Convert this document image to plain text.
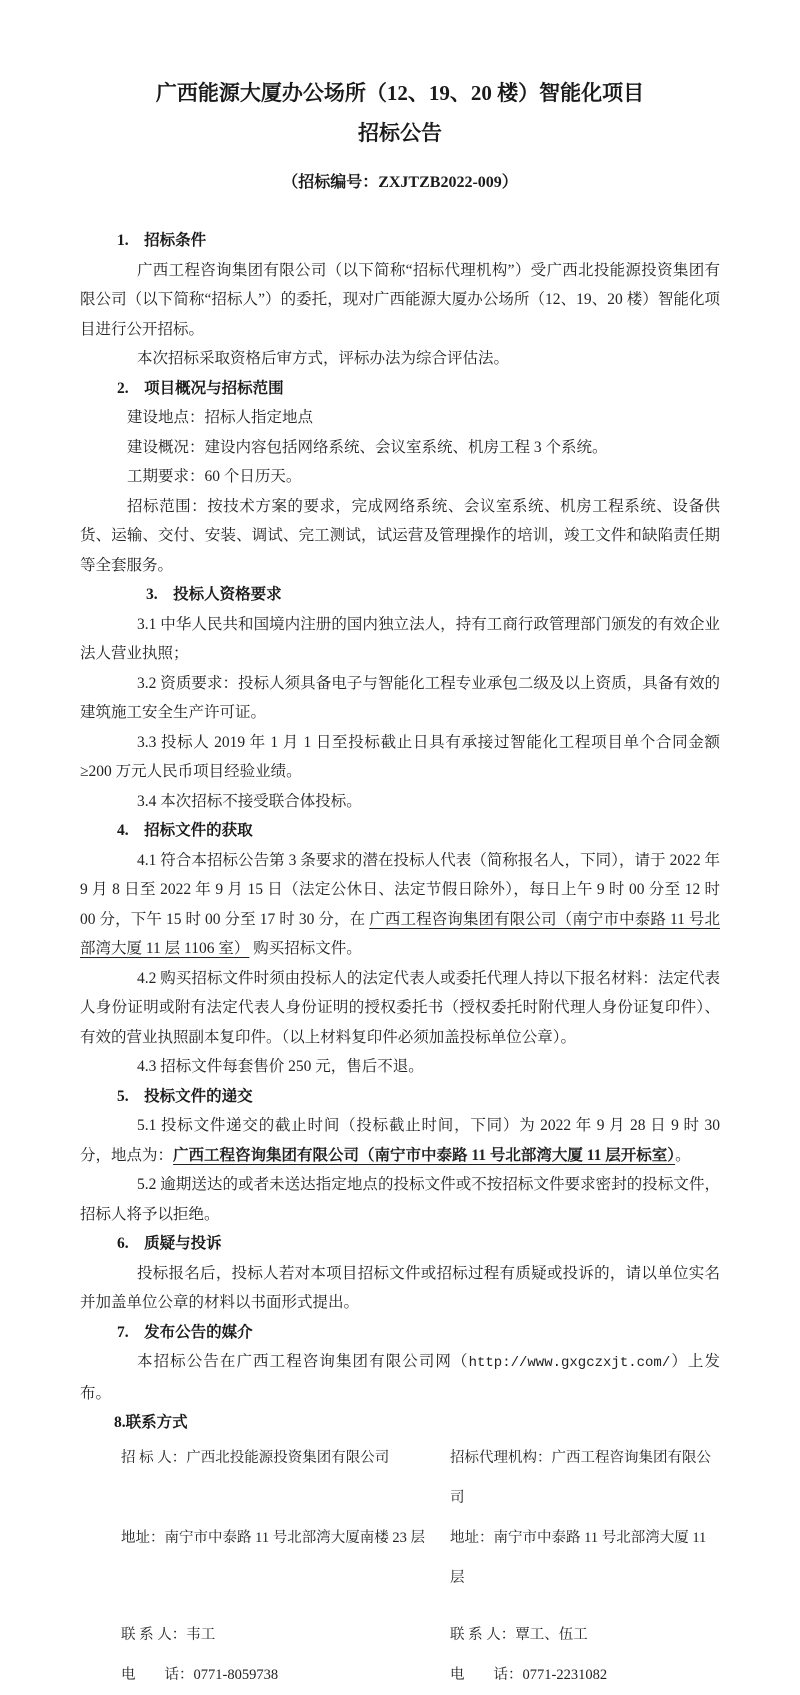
广西能源大厦办公场所（12、19、20 楼）智能化项目
招标公告
（招标编号：ZXJTZB2022-009）
1.　招标条件

广西工程咨询集团有限公司（以下简称“招标代理机构”）受广西北投能源投资集团有限公司（以下简称“招标人”）的委托，现对广西能源大厦办公场所（12、19、20 楼）智能化项目进行公开招标。

本次招标采取资格后审方式，评标办法为综合评估法。

2.　项目概况与招标范围

建设地点：招标人指定地点

建设概况：建设内容包括网络系统、会议室系统、机房工程 3 个系统。

工期要求：60 个日历天。

招标范围：按技术方案的要求，完成网络系统、会议室系统、机房工程系统、设备供货、运输、交付、安装、调试、完工测试，试运营及管理操作的培训，竣工文件和缺陷责任期等全套服务。

3.　投标人资格要求

3.1 中华人民共和国境内注册的国内独立法人，持有工商行政管理部门颁发的有效企业法人营业执照；

3.2 资质要求：投标人须具备电子与智能化工程专业承包二级及以上资质，具备有效的建筑施工安全生产许可证。

3.3 投标人 2019 年 1 月 1 日至投标截止日具有承接过智能化工程项目单个合同金额≥200 万元人民币项目经验业绩。

3.4 本次招标不接受联合体投标。

4.　招标文件的获取

4.1 符合本招标公告第 3 条要求的潜在投标人代表（简称报名人，下同），请于 2022 年 9 月 8 日至 2022 年 9 月 15 日（法定公休日、法定节假日除外），每日上午 9 时 00 分至 12 时 00 分，下午 15 时 00 分至 17 时 30 分，在 广西工程咨询集团有限公司（南宁市中泰路 11 号北部湾大厦 11 层 1106 室） 购买招标文件。

4.2 购买招标文件时须由投标人的法定代表人或委托代理人持以下报名材料：法定代表人身份证明或附有法定代表人身份证明的授权委托书（授权委托时附代理人身份证复印件）、有效的营业执照副本复印件。（以上材料复印件必须加盖投标单位公章）。

4.3 招标文件每套售价 250 元，售后不退。

5.　投标文件的递交

5.1 投标文件递交的截止时间（投标截止时间，下同）为 2022 年 9 月 28 日 9 时 30 分，地点为：广西工程咨询集团有限公司（南宁市中泰路 11 号北部湾大厦 11 层开标室）。

5.2 逾期送达的或者未送达指定地点的投标文件或不按招标文件要求密封的投标文件，招标人将予以拒绝。

6.　质疑与投诉

投标报名后，投标人若对本项目招标文件或招标过程有质疑或投诉的，请以单位实名并加盖单位公章的材料以书面形式提出。

7.　发布公告的媒介

本招标公告在广西工程咨询集团有限公司网（http://www.gxgczxjt.com/）上发布。

8.联系方式
招 标 人：广西北投能源投资集团有限公司	招标代理机构：广西工程咨询集团有限公司
地址：南宁市中泰路 11 号北部湾大厦南楼 23 层	地址：南宁市中泰路 11 号北部湾大厦 11 层
联 系 人：韦工	联 系 人：覃工、伍工
电　　话：0771-8059738	电　　话：0771-2231082
